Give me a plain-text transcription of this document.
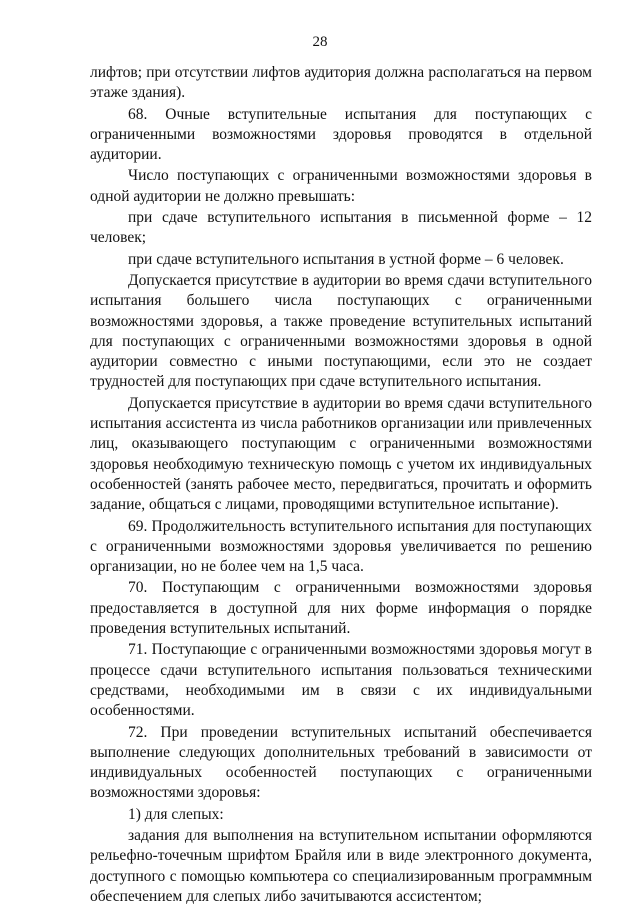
28

лифтов; при отсутствии лифтов аудитория должна располагаться на первом этаже здания).

68. Очные вступительные испытания для поступающих с ограниченными возможностями здоровья проводятся в отдельной аудитории.

Число поступающих с ограниченными возможностями здоровья в одной аудитории не должно превышать:

при сдаче вступительного испытания в письменной форме – 12 человек;

при сдаче вступительного испытания в устной форме – 6 человек.

Допускается присутствие в аудитории во время сдачи вступительного испытания большего числа поступающих с ограниченными возможностями здоровья, а также проведение вступительных испытаний для поступающих с ограниченными возможностями здоровья в одной аудитории совместно с иными поступающими, если это не создает трудностей для поступающих при сдаче вступительного испытания.

Допускается присутствие в аудитории во время сдачи вступительного испытания ассистента из числа работников организации или привлеченных лиц, оказывающего поступающим с ограниченными возможностями здоровья необходимую техническую помощь с учетом их индивидуальных особенностей (занять рабочее место, передвигаться, прочитать и оформить задание, общаться с лицами, проводящими вступительное испытание).

69. Продолжительность вступительного испытания для поступающих с ограниченными возможностями здоровья увеличивается по решению организации, но не более чем на 1,5 часа.

70. Поступающим с ограниченными возможностями здоровья предоставляется в доступной для них форме информация о порядке проведения вступительных испытаний.

71. Поступающие с ограниченными возможностями здоровья могут в процессе сдачи вступительного испытания пользоваться техническими средствами, необходимыми им в связи с их индивидуальными особенностями.

72. При проведении вступительных испытаний обеспечивается выполнение следующих дополнительных требований в зависимости от индивидуальных особенностей поступающих с ограниченными возможностями здоровья:

1) для слепых:

задания для выполнения на вступительном испытании оформляются рельефно-точечным шрифтом Брайля или в виде электронного документа, доступного с помощью компьютера со специализированным программным обеспечением для слепых либо зачитываются ассистентом;
